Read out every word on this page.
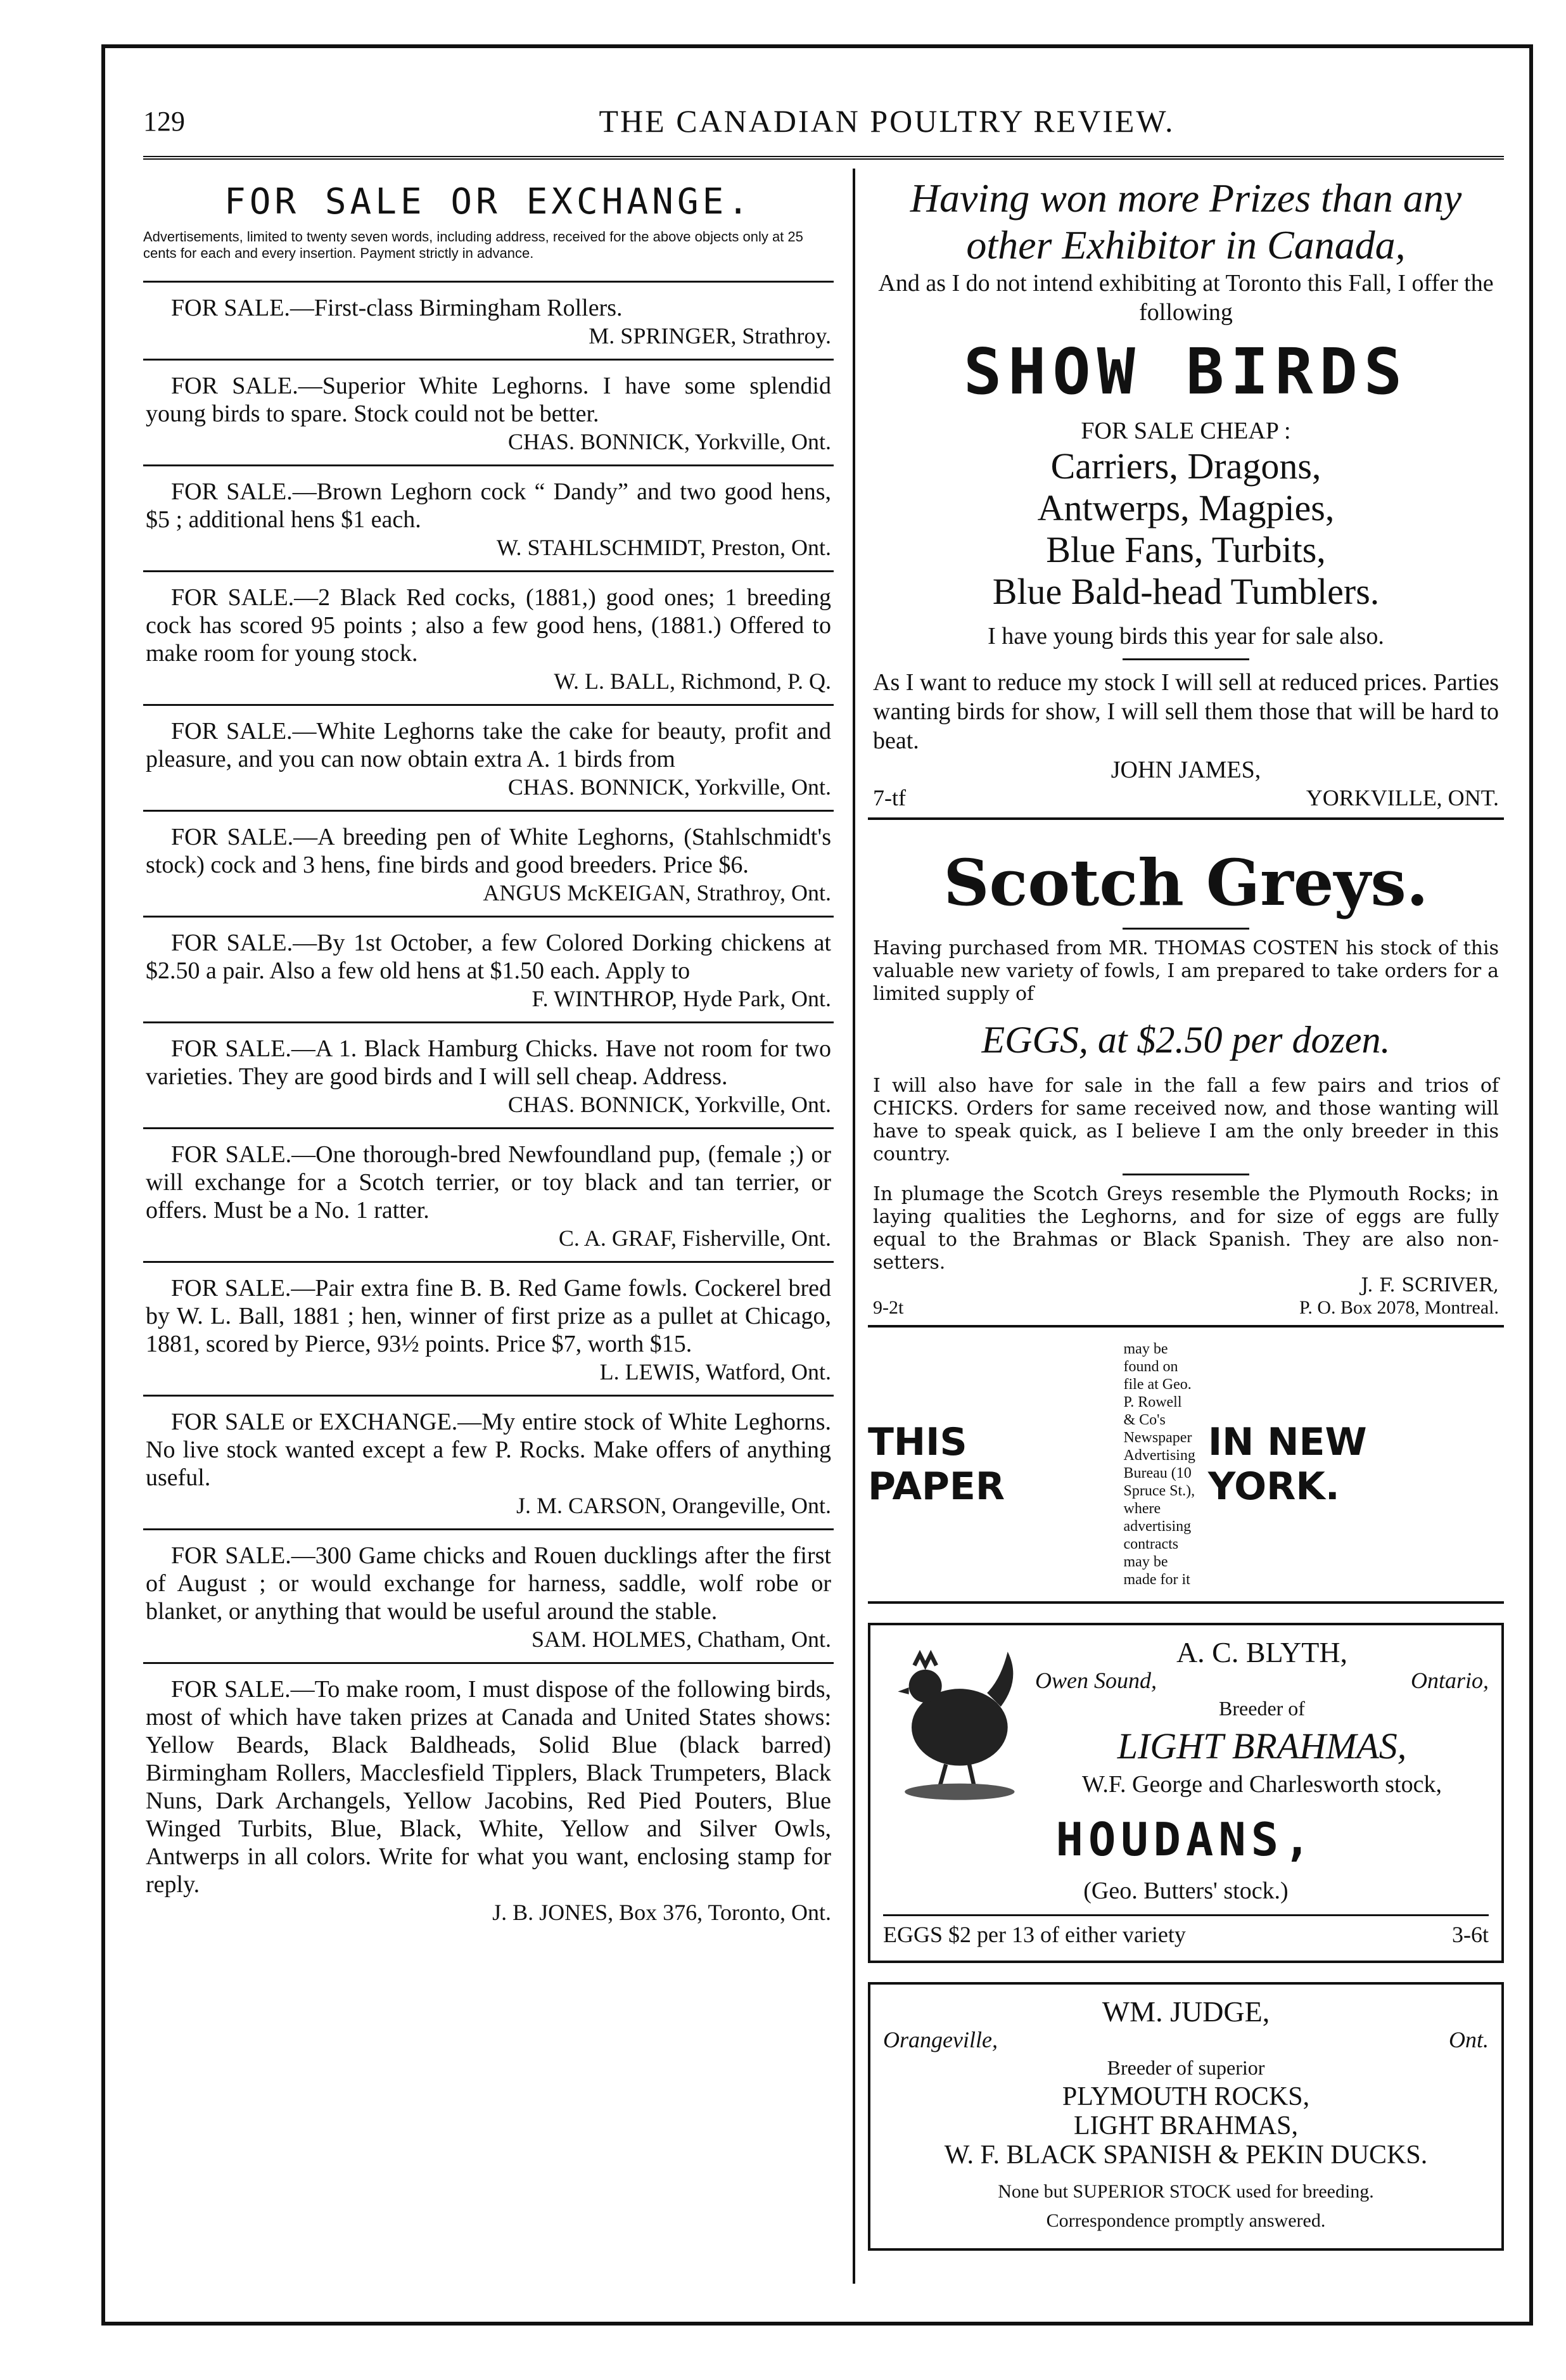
129	THE CANADIAN POULTRY REVIEW.
FOR SALE OR EXCHANGE.
Advertisements, limited to twenty seven words, including address, received for the above objects only at 25 cents for each and every insertion. Payment strictly in advance.
FOR SALE.—First-class Birmingham Rollers.
M. SPRINGER, Strathroy.
FOR SALE.—Superior White Leghorns. I have some splendid young birds to spare. Stock could not be better.
CHAS. BONNICK, Yorkville, Ont.
FOR SALE.—Brown Leghorn cock “ Dandy” and two good hens, $5 ; additional hens $1 each.
W. STAHLSCHMIDT, Preston, Ont.
FOR SALE.—2 Black Red cocks, (1881,) good ones; 1 breeding cock has scored 95 points ; also a few good hens, (1881.) Offered to make room for young stock.
W. L. BALL, Richmond, P. Q.
FOR SALE.—White Leghorns take the cake for beauty, profit and pleasure, and you can now obtain extra A. 1 birds from
CHAS. BONNICK, Yorkville, Ont.
FOR SALE.—A breeding pen of White Leghorns, (Stahlschmidt's stock) cock and 3 hens, fine birds and good breeders. Price $6.
ANGUS McKEIGAN, Strathroy, Ont.
FOR SALE.—By 1st October, a few Colored Dorking chickens at $2.50 a pair. Also a few old hens at $1.50 each. Apply to
F. WINTHROP, Hyde Park, Ont.
FOR SALE.—A 1. Black Hamburg Chicks. Have not room for two varieties. They are good birds and I will sell cheap. Address.
CHAS. BONNICK, Yorkville, Ont.
FOR SALE.—One thorough-bred Newfoundland pup, (female ;) or will exchange for a Scotch terrier, or toy black and tan terrier, or offers. Must be a No. 1 ratter.
C. A. GRAF, Fisherville, Ont.
FOR SALE.—Pair extra fine B. B. Red Game fowls. Cockerel bred by W. L. Ball, 1881 ; hen, winner of first prize as a pullet at Chicago, 1881, scored by Pierce, 93½ points. Price $7, worth $15.
L. LEWIS, Watford, Ont.
FOR SALE or EXCHANGE.—My entire stock of White Leghorns. No live stock wanted except a few P. Rocks. Make offers of anything useful.
J. M. CARSON, Orangeville, Ont.
FOR SALE.—300 Game chicks and Rouen ducklings after the first of August ; or would exchange for harness, saddle, wolf robe or blanket, or anything that would be useful around the stable.
SAM. HOLMES, Chatham, Ont.
FOR SALE.—To make room, I must dispose of the following birds, most of which have taken prizes at Canada and United States shows: Yellow Beards, Black Baldheads, Solid Blue (black barred) Birmingham Rollers, Macclesfield Tipplers, Black Trumpeters, Black Nuns, Dark Archangels, Yellow Jacobins, Red Pied Pouters, Blue Winged Turbits, Blue, Black, White, Yellow and Silver Owls, Antwerps in all colors. Write for what you want, enclosing stamp for reply.
J. B. JONES, Box 376, Toronto, Ont.
Having won more Prizes than any other Exhibitor in Canada,
And as I do not intend exhibiting at Toronto this Fall, I offer the following
SHOW BIRDS
FOR SALE CHEAP :
Carriers, Dragons,
Antwerps, Magpies,
Blue Fans, Turbits,
Blue Bald-head Tumblers.
I have young birds this year for sale also.
As I want to reduce my stock I will sell at reduced prices. Parties wanting birds for show, I will sell them those that will be hard to beat.
JOHN JAMES,
7-tf	YORKVILLE, ONT.
Scotch Greys.
Having purchased from MR. THOMAS COSTEN his stock of this valuable new variety of fowls, I am prepared to take orders for a limited supply of
EGGS, at $2.50 per dozen.
I will also have for sale in the fall a few pairs and trios of CHICKS. Orders for same received now, and those wanting will have to speak quick, as I believe I am the only breeder in this country.
In plumage the Scotch Greys resemble the Plymouth Rocks; in laying qualities the Leghorns, and for size of eggs are fully equal to the Brahmas or Black Spanish. They are also non-setters.
J. F. SCRIVER,
9-2t	P. O. Box 2078, Montreal.
THIS PAPER
may be found on file at Geo. P. Rowell & Co's Newspaper Advertising Bureau (10 Spruce St.), where advertising contracts may be made for it
IN NEW YORK.
A. C. BLYTH,
Owen Sound,	Ontario,
Breeder of
LIGHT BRAHMAS,
W.F. George and Charlesworth stock,
HOUDANS,
(Geo. Butters' stock.)
EGGS $2 per 13 of either variety	3-6t
WM. JUDGE,
Orangeville,	Ont.
Breeder of superior
PLYMOUTH ROCKS,
LIGHT BRAHMAS,
W. F. BLACK SPANISH & PEKIN DUCKS.
None but SUPERIOR STOCK used for breeding.
Correspondence promptly answered.
